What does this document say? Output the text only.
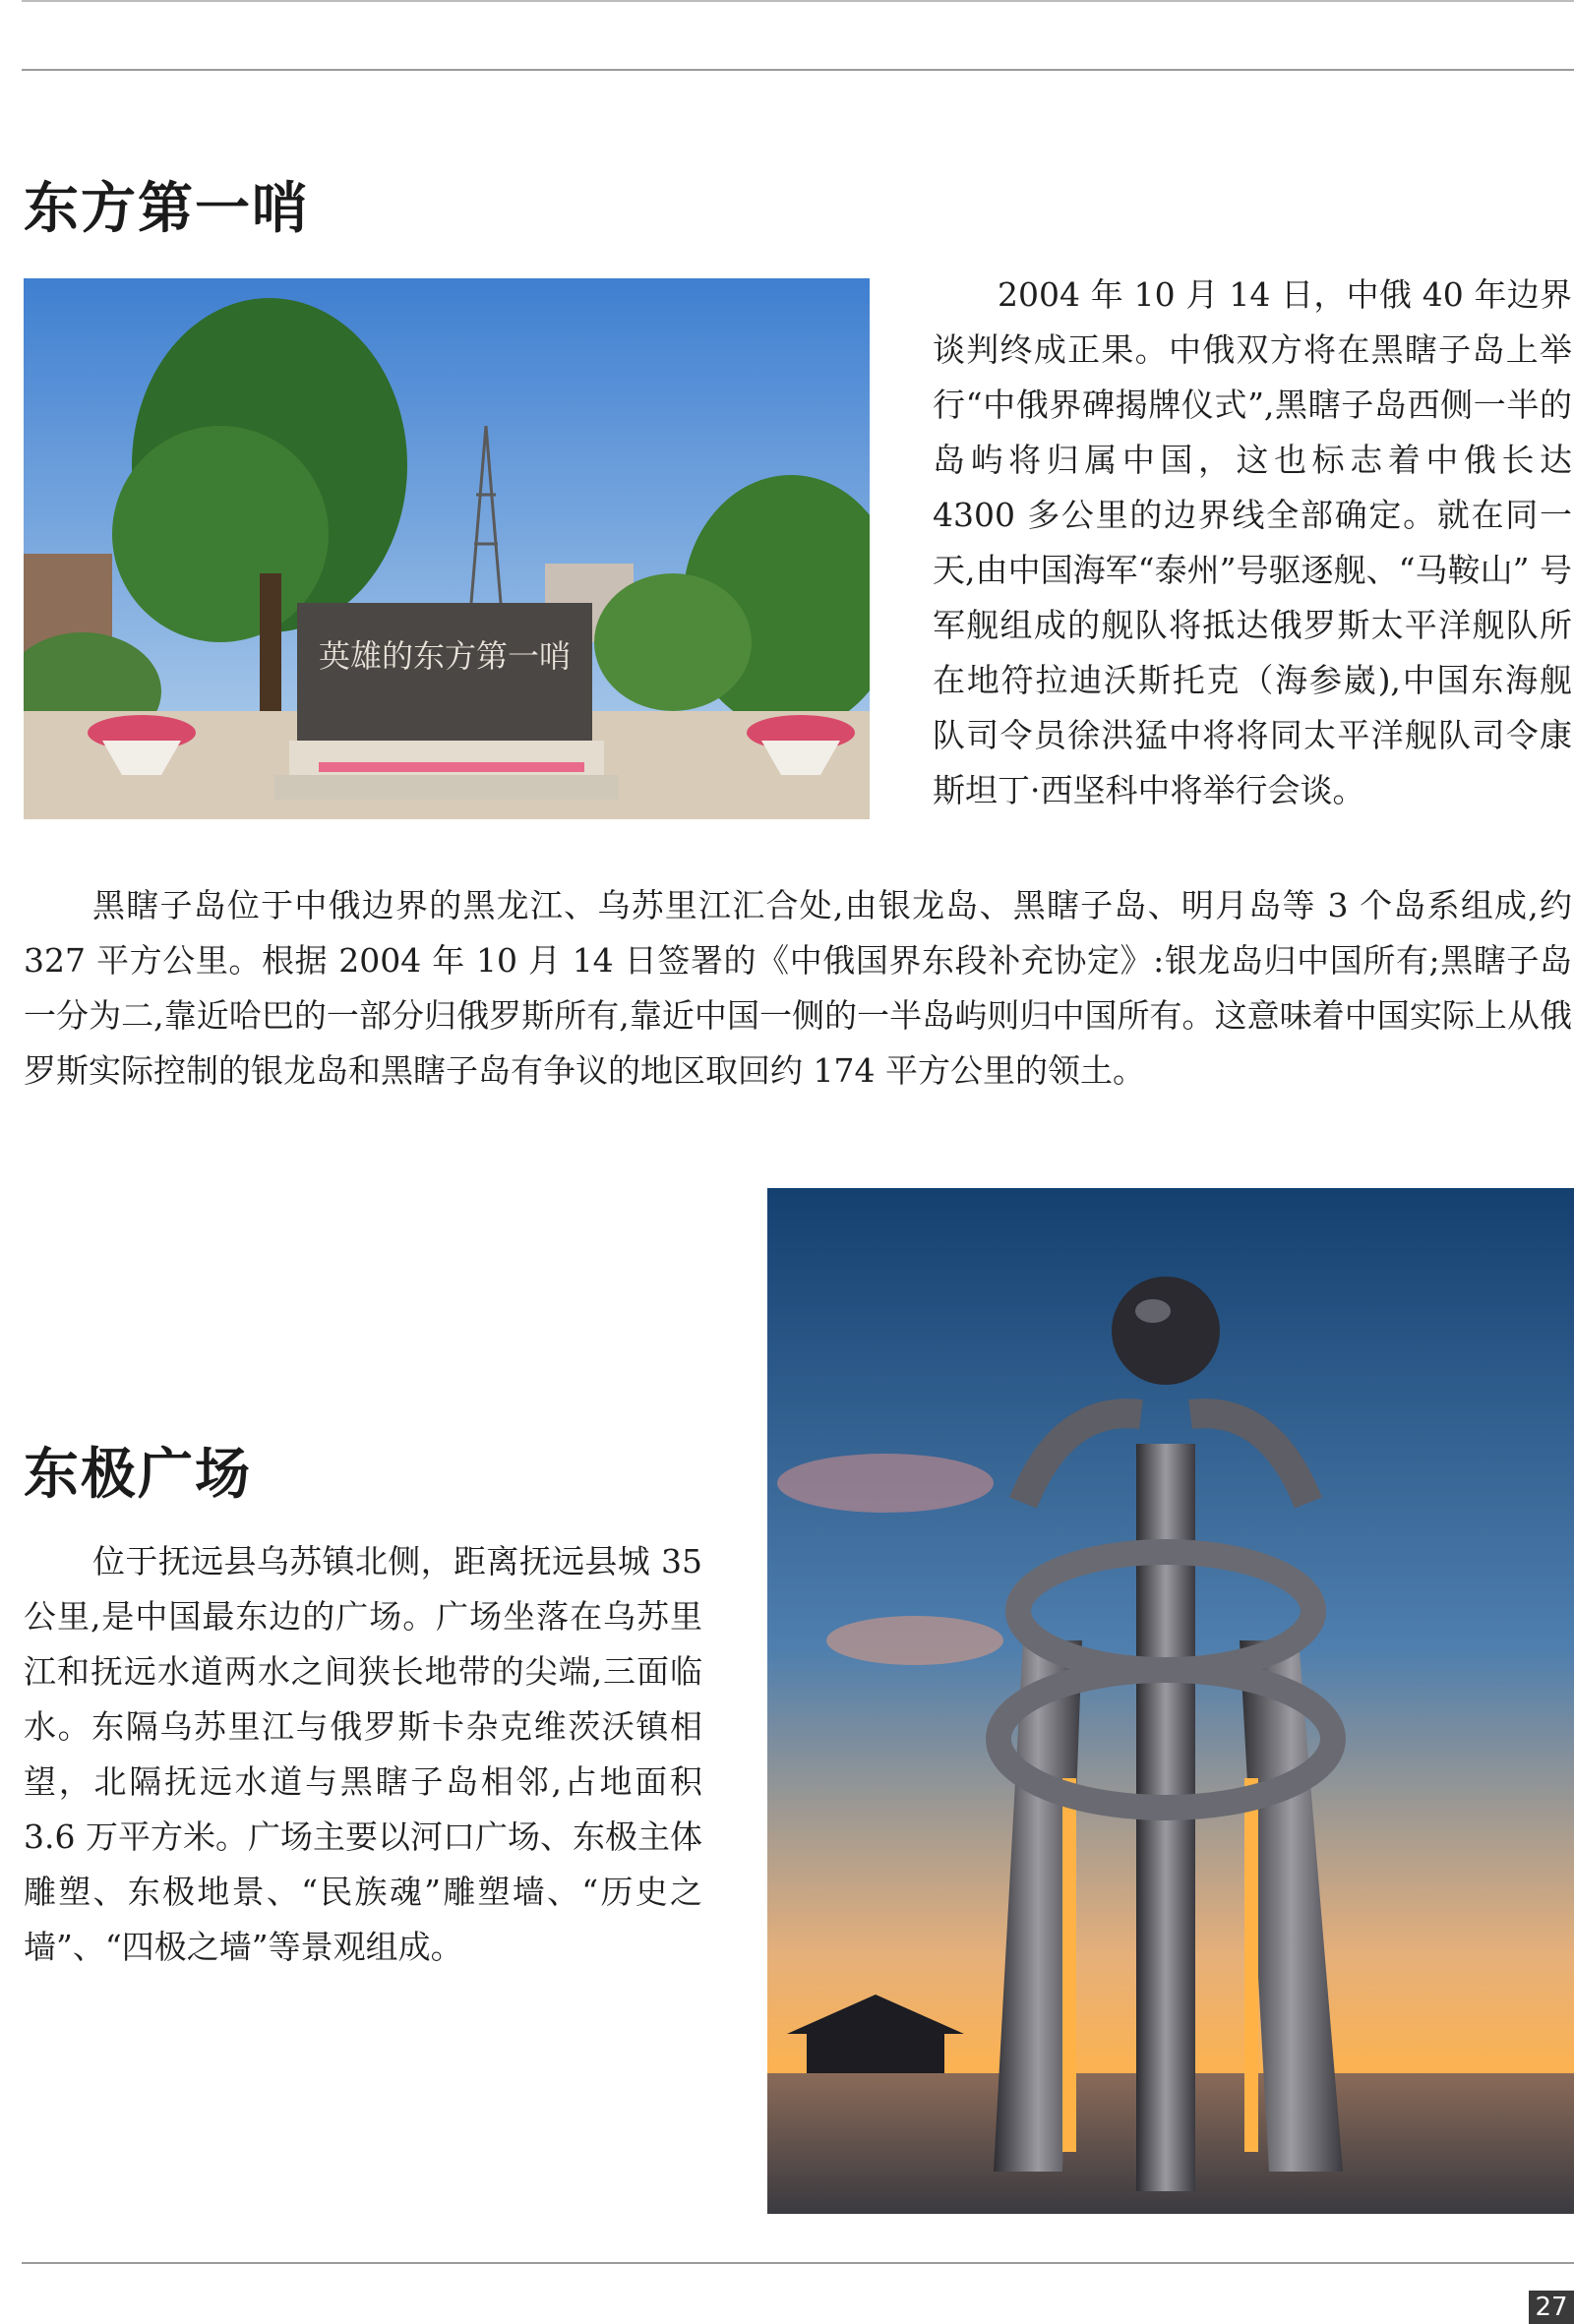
东方第一哨
英雄的东方第一哨

2004 年 10 月 14 日，中俄 40 年边界谈判终成正果。中俄双方将在黑瞎子岛上举行“中俄界碑揭牌仪式”,黑瞎子岛西侧一半的岛屿将归属中国，这也标志着中俄长达 4300 多公里的边界线全部确定。就在同一天,由中国海军“泰州”号驱逐舰、“马鞍山” 号军舰组成的舰队将抵达俄罗斯太平洋舰队所在地符拉迪沃斯托克（海参崴),中国东海舰队司令员徐洪猛中将将同太平洋舰队司令康斯坦丁·西坚科中将举行会谈。

黑瞎子岛位于中俄边界的黑龙江、乌苏里江汇合处,由银龙岛、黑瞎子岛、明月岛等 3 个岛系组成,约 327 平方公里。根据 2004 年 10 月 14 日签署的《中俄国界东段补充协定》:银龙岛归中国所有;黑瞎子岛一分为二,靠近哈巴的一部分归俄罗斯所有,靠近中国一侧的一半岛屿则归中国所有。这意味着中国实际上从俄罗斯实际控制的银龙岛和黑瞎子岛有争议的地区取回约 174 平方公里的领土。

东极广场

位于抚远县乌苏镇北侧，距离抚远县城 35 公里,是中国最东边的广场。广场坐落在乌苏里江和抚远水道两水之间狭长地带的尖端,三面临水。东隔乌苏里江与俄罗斯卡杂克维茨沃镇相望，北隔抚远水道与黑瞎子岛相邻,占地面积 3.6 万平方米。广场主要以河口广场、东极主体雕塑、东极地景、“民族魂”雕塑墙、“历史之墙”、“四极之墙”等景观组成。

27
